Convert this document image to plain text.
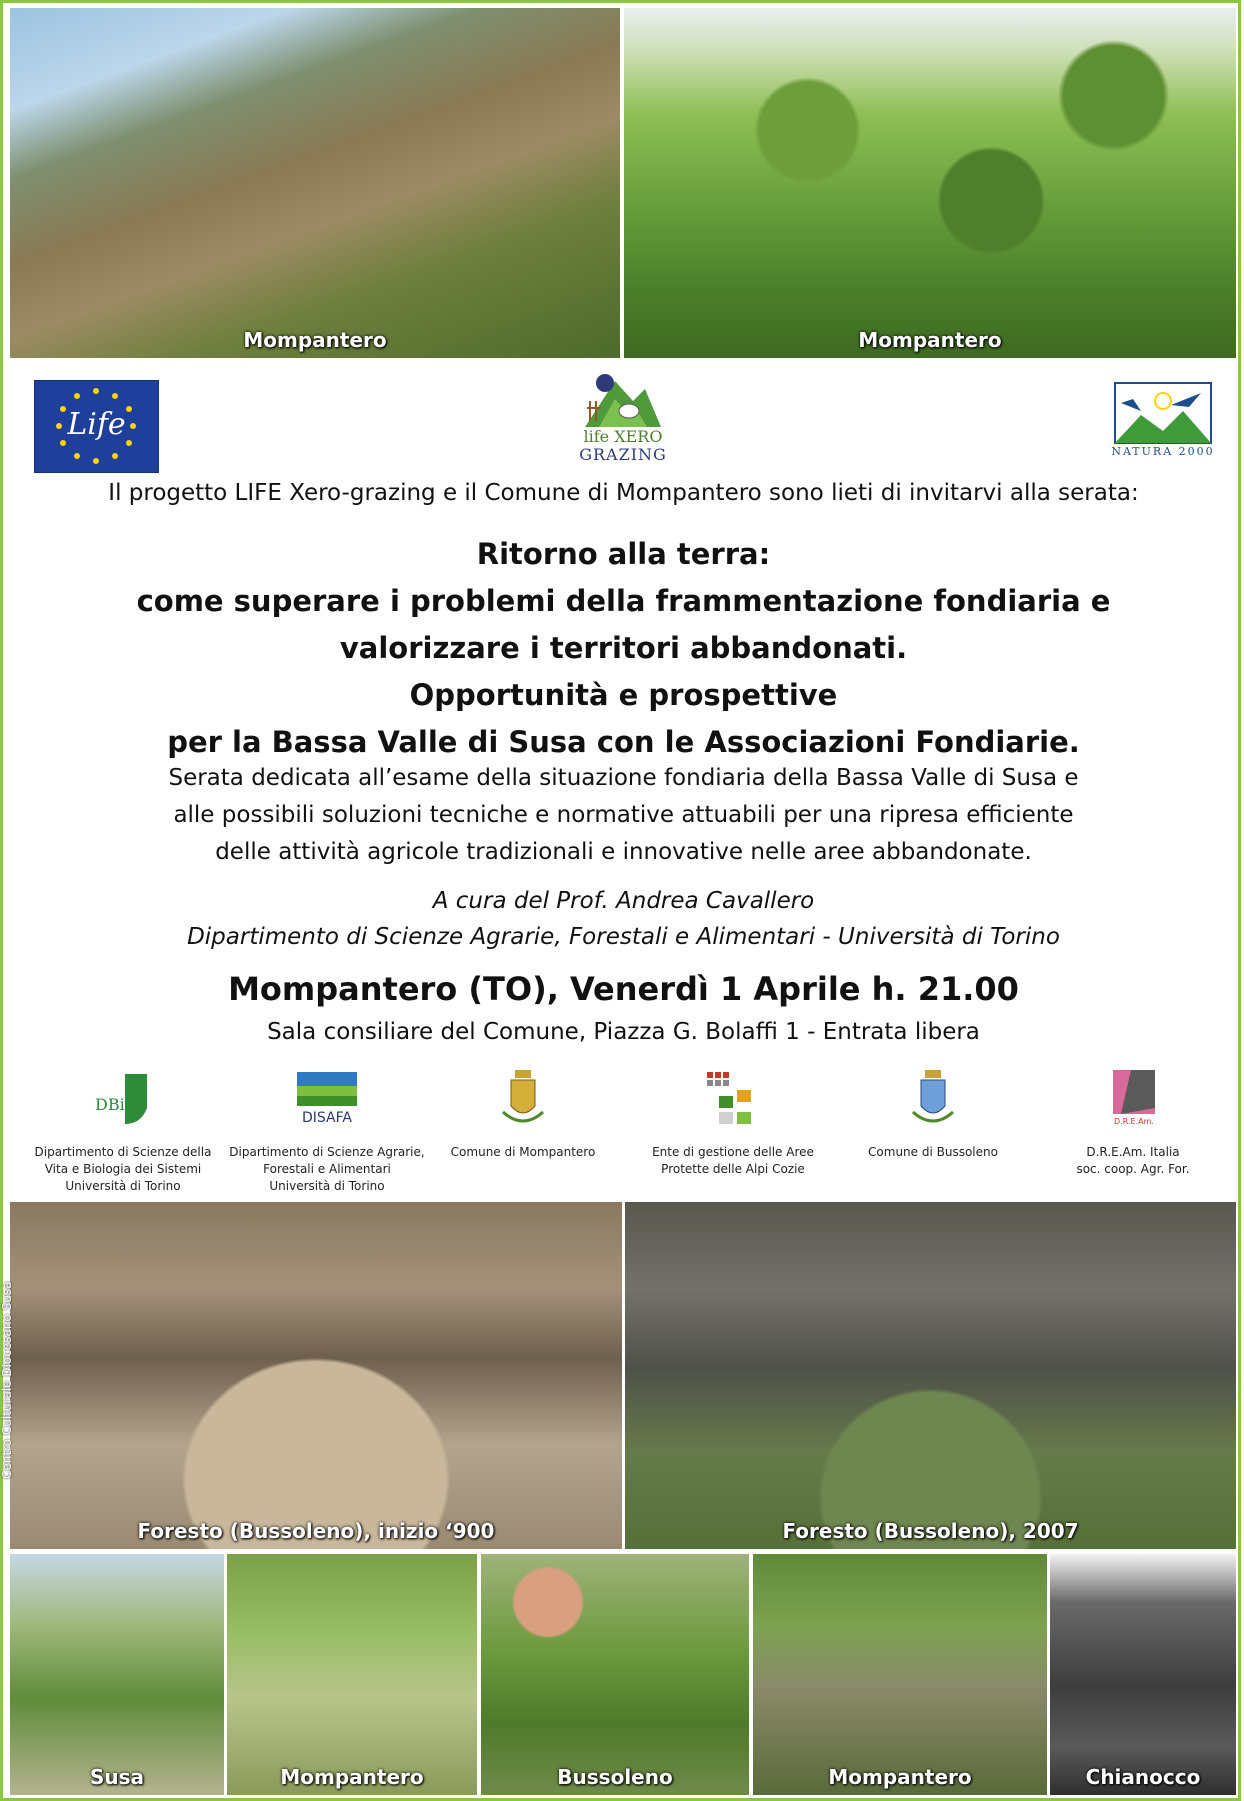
Mompantero	Mompantero
Life	life XERO
GRAZING	NATURA 2000
Il progetto LIFE Xero-grazing e il Comune di Mompantero sono lieti di invitarvi alla serata:
Ritorno alla terra:
come superare i problemi della frammentazione fondiaria e
valorizzare i territori abbandonati.
Opportunità e prospettive
per la Bassa Valle di Susa con le Associazioni Fondiarie.
Serata dedicata all’esame della situazione fondiaria della Bassa Valle di Susa e
alle possibili soluzioni tecniche e normative attuabili per una ripresa efficiente
delle attività agricole tradizionali e innovative nelle aree abbandonate.
A cura del Prof. Andrea Cavallero
Dipartimento di Scienze Agrarie, Forestali e Alimentari - Università di Torino
Mompantero (TO), Venerdì 1 Aprile h. 21.00
Sala consiliare del Comune, Piazza G. Bolaffi 1 - Entrata libera
DBios
Dipartimento di Scienze della
Vita e Biologia dei Sistemi
Università di Torino
DISAFA
Dipartimento di Scienze Agrarie,
Forestali e Alimentari
Università di Torino
Comune di Mompantero	Ente di gestione delle Aree
Protette delle Alpi Cozie
Comune di Bussoleno
D.R.E.Am.
D.R.E.Am. Italia
soc. coop. Agr. For.
Centro Culturale Diocesano Susa
Foresto (Bussoleno), inizio ‘900	Foresto (Bussoleno), 2007
Susa	Mompantero	Bussoleno	Mompantero	Chianocco
